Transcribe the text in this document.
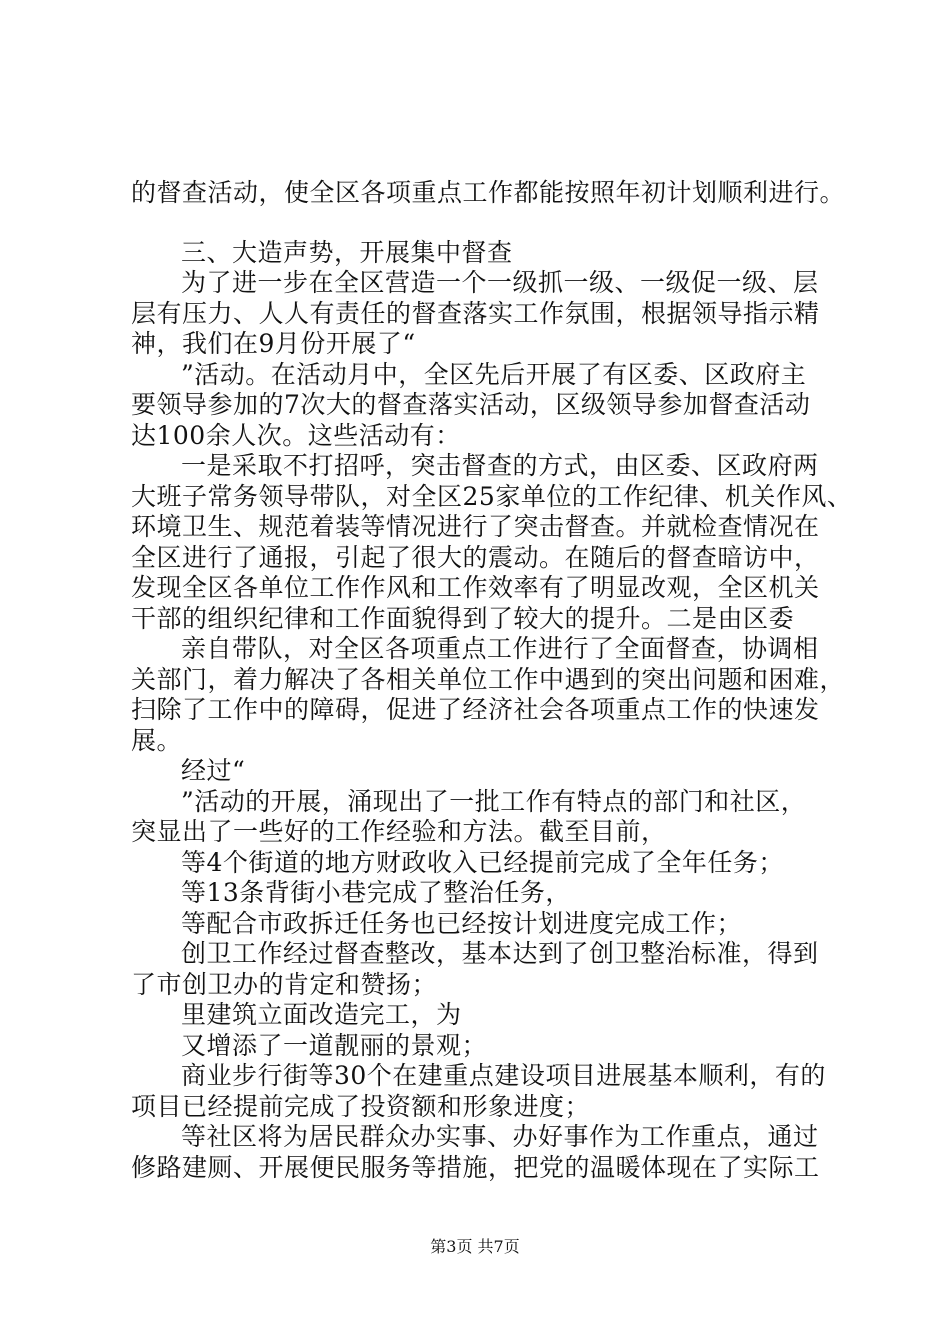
的督查活动，使全区各项重点工作都能按照年初计划顺利进行。
三、大造声势，开展集中督查
为了进一步在全区营造一个一级抓一级、一级促一级、层
层有压力、人人有责任的督查落实工作氛围，根据领导指示精
神，我们在9月份开展了“
”活动。在活动月中，全区先后开展了有区委、区政府主
要领导参加的7次大的督查落实活动，区级领导参加督查活动
达100余人次。这些活动有：
一是采取不打招呼，突击督查的方式，由区委、区政府两
大班子常务领导带队，对全区25家单位的工作纪律、机关作风、
环境卫生、规范着装等情况进行了突击督查。并就检查情况在
全区进行了通报，引起了很大的震动。在随后的督查暗访中，
发现全区各单位工作作风和工作效率有了明显改观，全区机关
干部的组织纪律和工作面貌得到了较大的提升。二是由区委
亲自带队，对全区各项重点工作进行了全面督查，协调相
关部门，着力解决了各相关单位工作中遇到的突出问题和困难，
扫除了工作中的障碍，促进了经济社会各项重点工作的快速发
展。
经过“
”活动的开展，涌现出了一批工作有特点的部门和社区，
突显出了一些好的工作经验和方法。截至目前，
等4个街道的地方财政收入已经提前完成了全年任务；
等13条背街小巷完成了整治任务，
等配合市政拆迁任务也已经按计划进度完成工作；
创卫工作经过督查整改，基本达到了创卫整治标准，得到
了市创卫办的肯定和赞扬；
里建筑立面改造完工，为
又增添了一道靓丽的景观；
商业步行街等30个在建重点建设项目进展基本顺利，有的
项目已经提前完成了投资额和形象进度；
等社区将为居民群众办实事、办好事作为工作重点，通过
修路建厕、开展便民服务等措施，把党的温暖体现在了实际工
第3页 共7页
